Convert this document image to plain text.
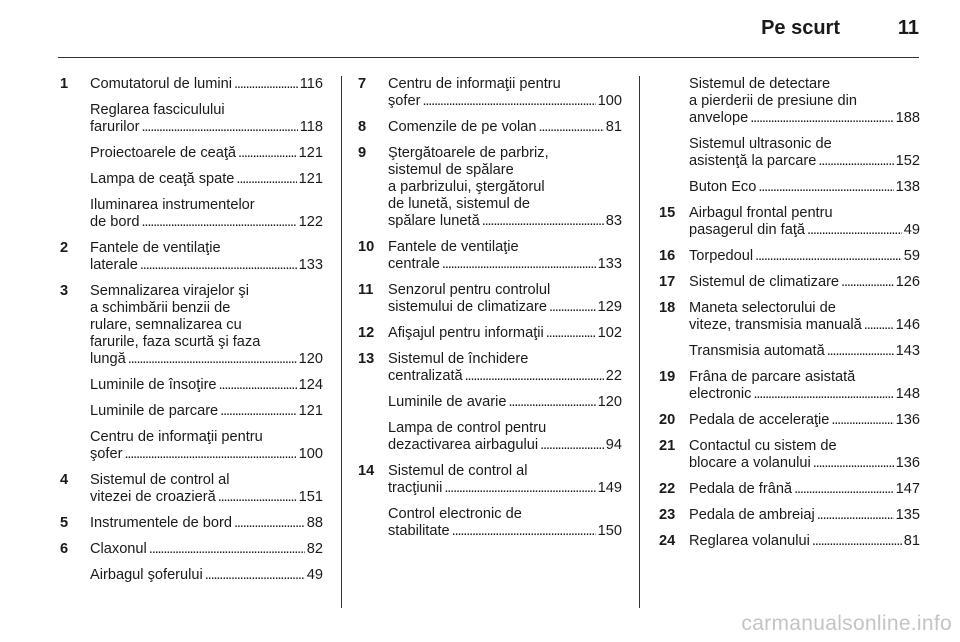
Pe scurt	11
1 Comutatorul de lumini . . .	116
Reglarea fasciculului
farurilor . . .	118
Proiectoarele de ceaţă . . .	121
Lampa de ceaţă spate . . .	121
Iluminarea instrumentelor
de bord . . .	122
2 Fantele de ventilaţie
laterale . . .	133
3 Semnalizarea virajelor şi
a schimbării benzii de
rulare, semnalizarea cu
farurile, faza scurtă şi faza
lungă . . .	120
Luminile de însoţire . . .	124
Luminile de parcare . . .	121
Centru de informaţii pentru
şofer . . .	100
4 Sistemul de control al
vitezei de croazieră . . .	151
5 Instrumentele de bord . . .	88
6 Claxonul . . .	82
Airbagul şoferului . . .	49
7 Centru de informaţii pentru
şofer . . .	100
8 Comenzile de pe volan . . .	81
9 Ştergătoarele de parbriz,
sistemul de spălare
a parbrizului, ştergătorul
de lunetă, sistemul de
spălare lunetă . . .	83
10 Fantele de ventilaţie
centrale . . .	133
11 Senzorul pentru controlul
sistemului de climatizare . . .	129
12 Afişajul pentru informaţii . . .	102
13 Sistemul de închidere
centralizată . . .	22
Luminile de avarie . . .	120
Lampa de control pentru
dezactivarea airbagului . . .	94
14 Sistemul de control al
tracţiunii . . .	149
Control electronic de
stabilitate . . .	150
Sistemul de detectare
a pierderii de presiune din
anvelope . . .	188
Sistemul ultrasonic de
asistenţă la parcare . . .	152
Buton Eco . . .	138
15 Airbagul frontal pentru
pasagerul din faţă . . .	49
16 Torpedoul . . .	59
17 Sistemul de climatizare . . .	126
18 Maneta selectorului de
viteze, transmisia manuală . . . 146
Transmisia automată . . .	143
19 Frâna de parcare asistată
electronic . . .	148
20 Pedala de acceleraţie . . .	136
21 Contactul cu sistem de
blocare a volanului . . .	136
22 Pedala de frână . . .	147
23 Pedala de ambreiaj . . .	135
24 Reglarea volanului . . .	81
carmanualsonline.info
